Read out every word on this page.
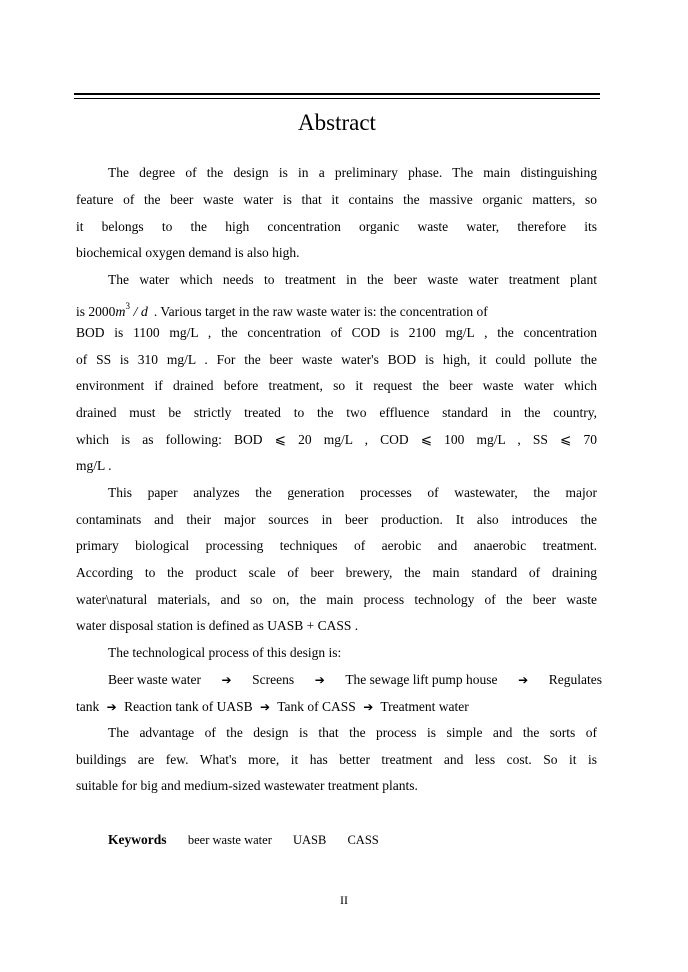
Abstract
The degree of the design is in a preliminary phase. The main distinguishing
feature of the beer waste water is that it contains the massive organic matters, so
it belongs to the high concentration organic waste water, therefore its
biochemical oxygen demand is also high.
The water which needs to treatment in the beer waste water treatment plant
is $2000m^3$ / d . Various target in the raw waste water is: the concentration of
BOD is 1100 mg/L , the concentration of COD is 2100 mg/L , the concentration
of SS is 310 mg/L . For the beer waste water's BOD is high, it could pollute the
environment if drained before treatment, so it request the beer waste water which
drained must be strictly treated to the two effluence standard in the country,
which is as following: BOD ⩽ 20 mg/L , COD ⩽ 100 mg/L , SS ⩽ 70
mg/L .
This paper analyzes the generation processes of wastewater, the major
contaminats and their major sources in beer production. It also introduces the
primary biological processing techniques of aerobic and anaerobic treatment.
According to the product scale of beer brewery, the main standard of draining
water\natural materials, and so on, the main process technology of the beer waste
water disposal station is defined as UASB + CASS .
The technological process of this design is:
Beer waste water ➔ Screens ➔ The sewage lift pump house ➔ Regulates
tank ➔ Reaction tank of UASB ➔ Tank of CASS ➔ Treatment water
The advantage of the design is that the process is simple and the sorts of
buildings are few. What's more, it has better treatment and less cost. So it is
suitable for big and medium-sized wastewater treatment plants.
Keywords beer waste water UASB CASS
II
